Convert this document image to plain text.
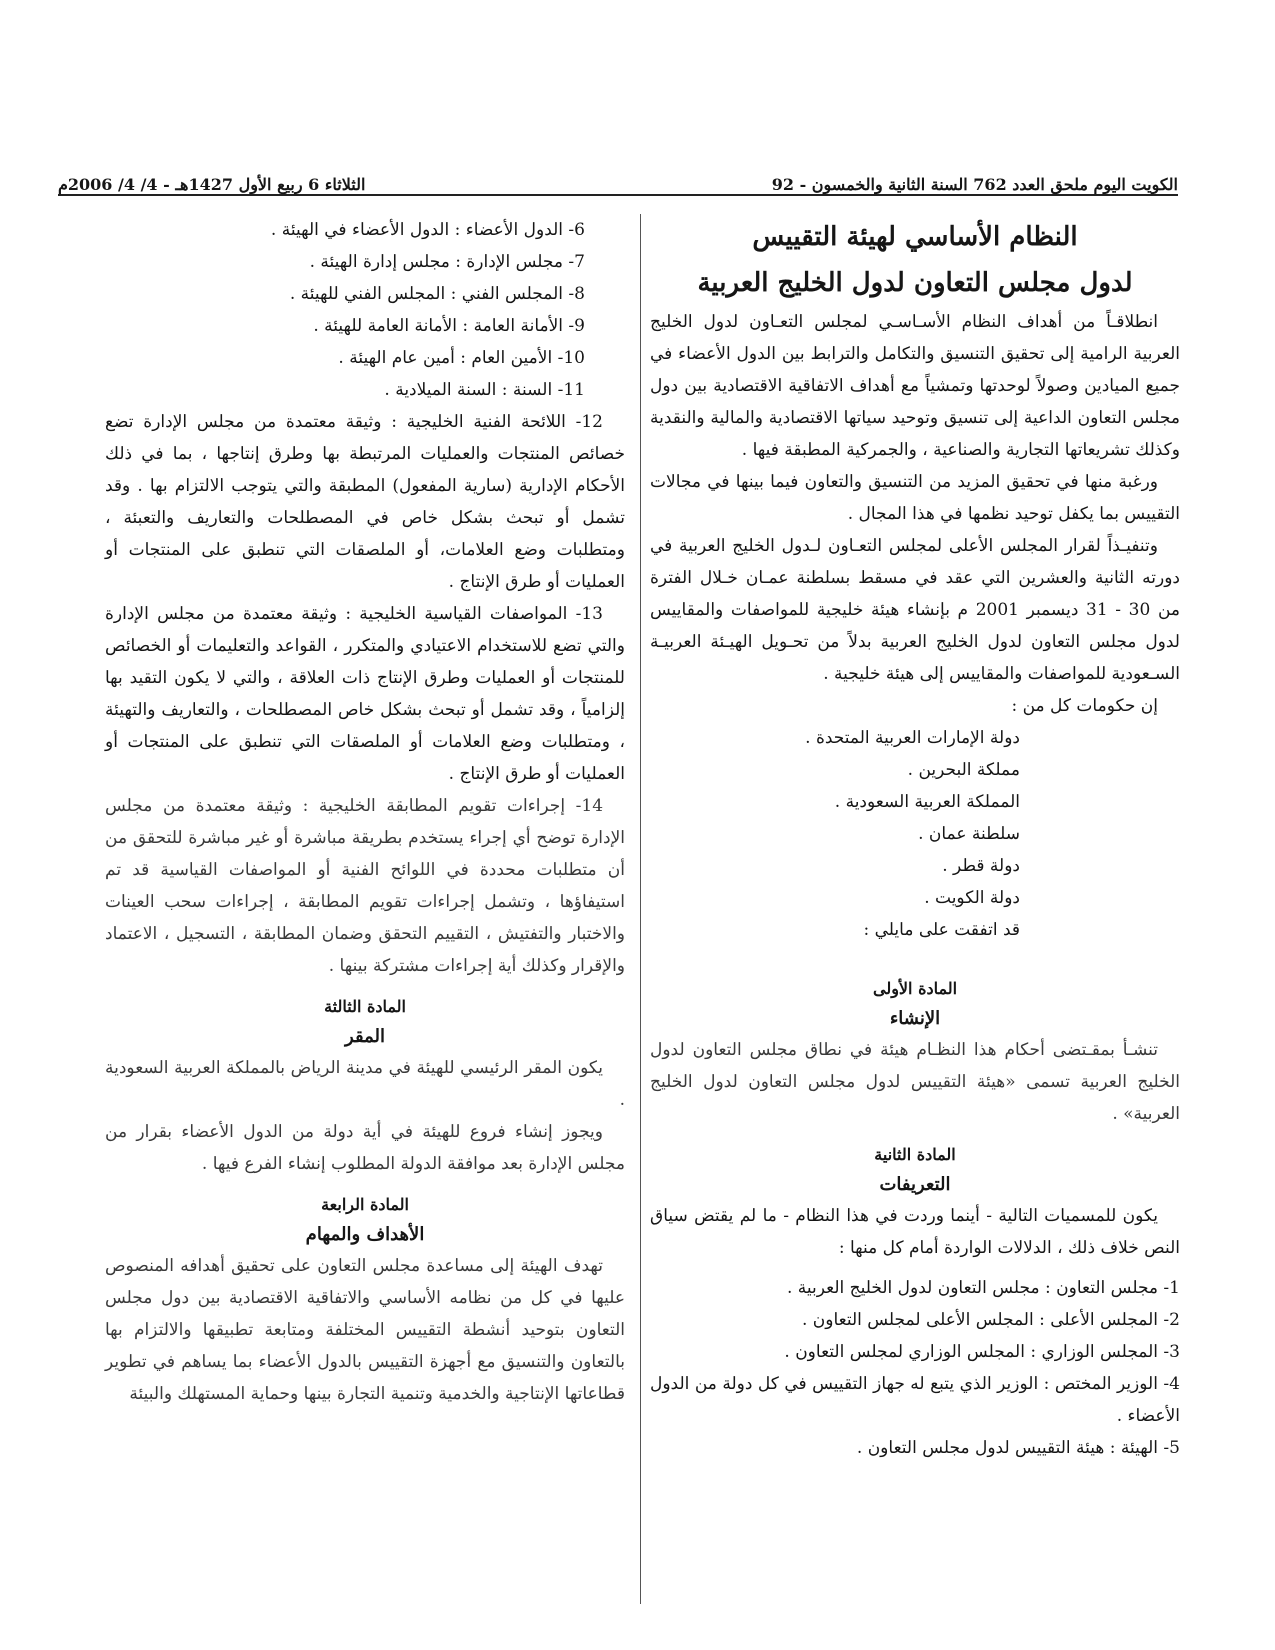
الكويت اليوم ملحق العدد 762 السنة الثانية والخمسون - 92
الثلاثاء 6 ربيع الأول 1427هـ - 4/ 4/ 2006م
النظام الأساسي لهيئة التقييس
لدول مجلس التعاون لدول الخليج العربية

انطلاقـاً من أهداف النظام الأسـاسـي لمجلس التعـاون لدول الخليج العربية الرامية إلى تحقيق التنسيق والتكامل والترابط بين الدول الأعضاء في جميع الميادين وصولاً لوحدتها وتمشياً مع أهداف الاتفاقية الاقتصادية بين دول مجلس التعاون الداعية إلى تنسيق وتوحيد سياتها الاقتصادية والمالية والنقدية وكذلك تشريعاتها التجارية والصناعية ، والجمركية المطبقة فيها .

ورغبة منها في تحقيق المزيد من التنسيق والتعاون فيما بينها في مجالات التقييس بما يكفل توحيد نظمها في هذا المجال .

وتنفيـذاً لقرار المجلس الأعلى لمجلس التعـاون لـدول الخليج العربية في دورته الثانية والعشرين التي عقد في مسقط بسلطنة عمـان خـلال الفترة من 30 - 31 ديسمبر 2001 م بإنشاء هيئة خليجية للمواصفات والمقاييس لدول مجلس التعاون لدول الخليج العربية بدلاً من تحـويل الهيـئة العربيـة السـعودية للمواصفات والمقاييس إلى هيئة خليجية .

إن حكومات كل من :

دولة الإمارات العربية المتحدة .
مملكة البحرين .
المملكة العربية السعودية .
سلطنة عمان .
دولة قطر .
دولة الكويت .
قد اتفقت على مايلي :
المادة الأولى
الإنشاء

تنشـأ بمقـتضى أحكام هذا النظـام هيئة في نطاق مجلس التعاون لدول الخليج العربية تسمى «هيئة التقييس لدول مجلس التعاون لدول الخليج العربية» .

المادة الثانية
التعريفات

يكون للمسميات التالية - أينما وردت في هذا النظام - ما لم يقتض سياق النص خلاف ذلك ، الدلالات الواردة أمام كل منها :

1- مجلس التعاون : مجلس التعاون لدول الخليج العربية .
2- المجلس الأعلى : المجلس الأعلى لمجلس التعاون .
3- المجلس الوزاري : المجلس الوزاري لمجلس التعاون .
4- الوزير المختص : الوزير الذي يتبع له جهاز التقييس في كل دولة من الدول الأعضاء .
5- الهيئة : هيئة التقييس لدول مجلس التعاون .
6- الدول الأعضاء : الدول الأعضاء في الهيئة .
7- مجلس الإدارة : مجلس إدارة الهيئة .
8- المجلس الفني : المجلس الفني للهيئة .
9- الأمانة العامة : الأمانة العامة للهيئة .
10- الأمين العام : أمين عام الهيئة .
11- السنة : السنة الميلادية .

12- اللائحة الفنية الخليجية : وثيقة معتمدة من مجلس الإدارة تضع خصائص المنتجات والعمليات المرتبطة بها وطرق إنتاجها ، بما في ذلك الأحكام الإدارية (سارية المفعول) المطبقة والتي يتوجب الالتزام بها . وقد تشمل أو تبحث بشكل خاص في المصطلحات والتعاريف والتعبئة ، ومتطلبات وضع العلامات، أو الملصقات التي تنطبق على المنتجات أو العمليات أو طرق الإنتاج .

13- المواصفات القياسية الخليجية : وثيقة معتمدة من مجلس الإدارة والتي تضع للاستخدام الاعتيادي والمتكرر ، القواعد والتعليمات أو الخصائص للمنتجات أو العمليات وطرق الإنتاج ذات العلاقة ، والتي لا يكون التقيد بها إلزامياً ، وقد تشمل أو تبحث بشكل خاص المصطلحات ، والتعاريف والتهيئة ، ومتطلبات وضع العلامات أو الملصقات التي تنطبق على المنتجات أو العمليات أو طرق الإنتاج .

14- إجراءات تقويم المطابقة الخليجية : وثيقة معتمدة من مجلس الإدارة توضح أي إجراء يستخدم بطريقة مباشرة أو غير مباشرة للتحقق من أن متطلبات محددة في اللوائح الفنية أو المواصفات القياسية قد تم استيفاؤها ، وتشمل إجراءات تقويم المطابقة ، إجراءات سحب العينات والاختبار والتفتيش ، التقييم التحقق وضمان المطابقة ، التسجيل ، الاعتماد والإقرار وكذلك أية إجراءات مشتركة بينها .

المادة الثالثة
المقر

يكون المقر الرئيسي للهيئة في مدينة الرياض بالمملكة العربية السعودية .

ويجوز إنشاء فروع للهيئة في أية دولة من الدول الأعضاء بقرار من مجلس الإدارة بعد موافقة الدولة المطلوب إنشاء الفرع فيها .

المادة الرابعة
الأهداف والمهام

تهدف الهيئة إلى مساعدة مجلس التعاون على تحقيق أهدافه المنصوص عليها في كل من نظامه الأساسي والاتفاقية الاقتصادية بين دول مجلس التعاون بتوحيد أنشطة التقييس المختلفة ومتابعة تطبيقها والالتزام بها بالتعاون والتنسيق مع أجهزة التقييس بالدول الأعضاء بما يساهم في تطوير قطاعاتها الإنتاجية والخدمية وتنمية التجارة بينها وحماية المستهلك والبيئة
